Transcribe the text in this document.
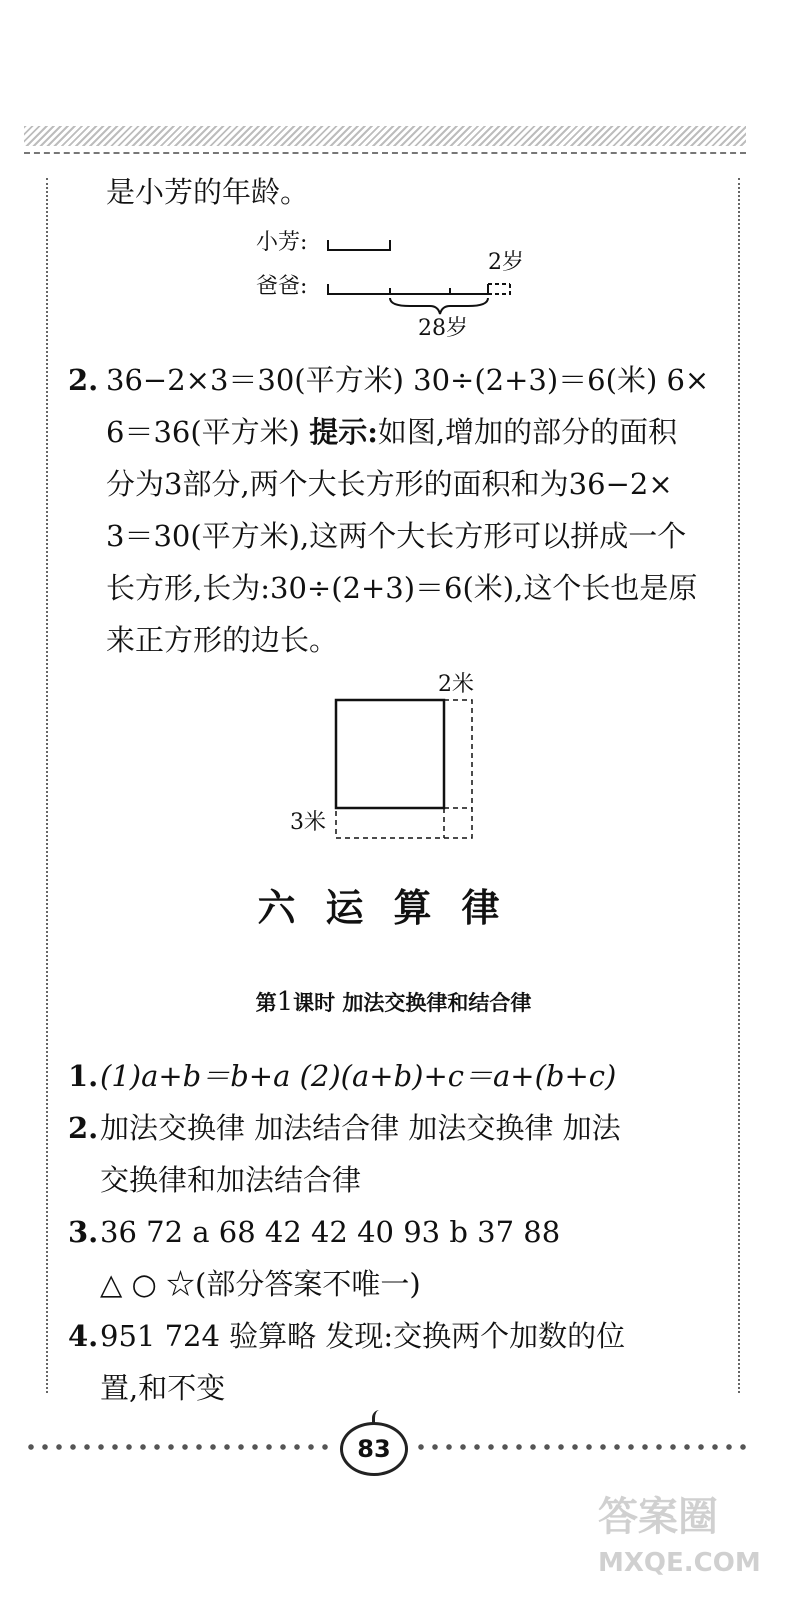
是小芳的年龄。
小芳:
爸爸:
2岁
28岁
2. 36−2×3＝30(平方米) 30÷(2+3)＝6(米) 6×
6＝36(平方米) 提示:如图,增加的部分的面积
分为3部分,两个大长方形的面积和为36−2×
3＝30(平方米),这两个大长方形可以拼成一个
长方形,长为:30÷(2+3)＝6(米),这个长也是原
来正方形的边长。
2米
3米
六运算律
第1课时 加法交换律和结合律
1. (1)a+b＝b+a (2)(a+b)+c＝a+(b+c)
2. 加法交换律 加法结合律 加法交换律 加法
交换律和加法结合律
3. 36 72 a 68 42 42 40 93 b 37 88
△ ○ ☆(部分答案不唯一)
4. 951 724 验算略 发现:交换两个加数的位
置,和不变
83
答案圈
MXQE.COM
